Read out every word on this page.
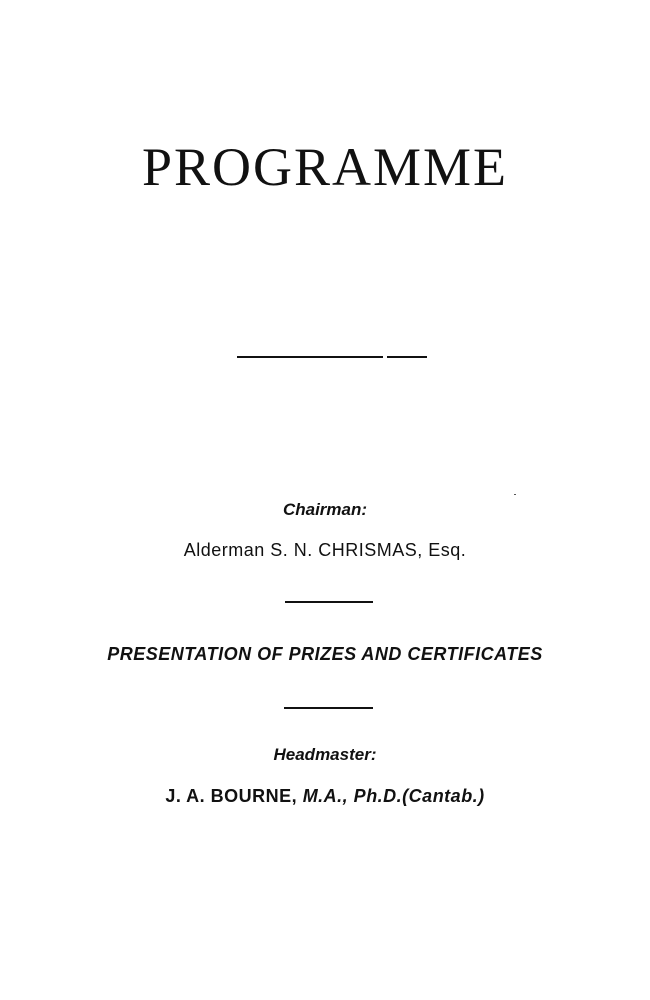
PROGRAMME
Chairman:
Alderman S. N. CHRISMAS, Esq.
PRESENTATION OF PRIZES AND CERTIFICATES
Headmaster:
J. A. BOURNE, M.A., Ph.D.(Cantab.)
